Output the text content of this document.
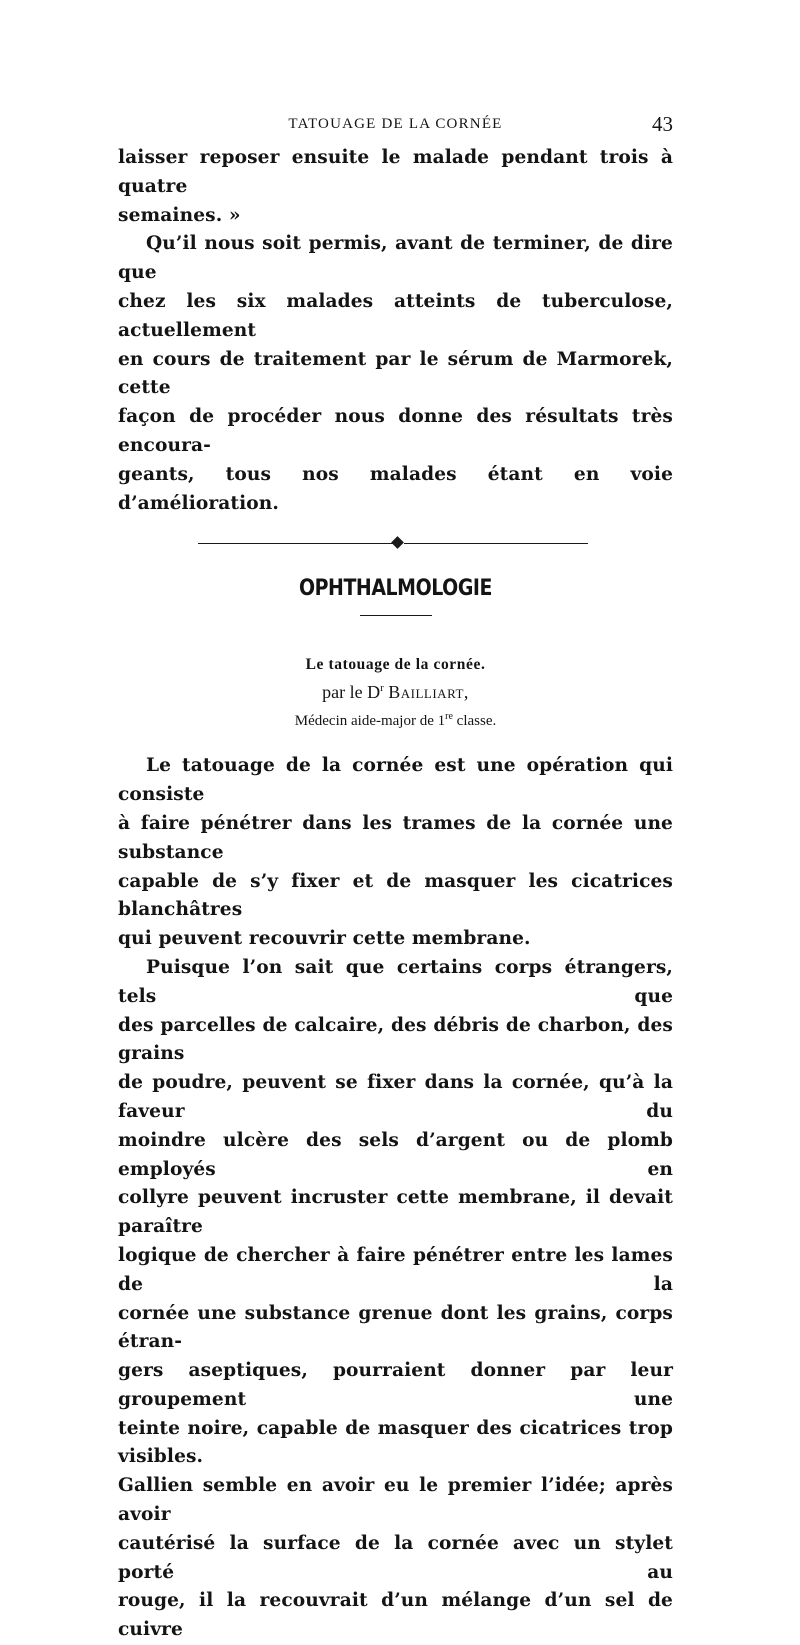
TATOUAGE DE LA CORNÉE	43

laisser reposer ensuite le malade pendant trois à quatre
semaines. »

Qu’il nous soit permis, avant de terminer, de dire que
chez les six malades atteints de tuberculose, actuellement
en cours de traitement par le sérum de Marmorek, cette
façon de procéder nous donne des résultats très encoura-
geants, tous nos malades étant en voie d’amélioration.

OPHTHALMOLOGIE
Le tatouage de la cornée.
par le $D^r$ Bailliart,
Médecin aide-major de 1re classe.

Le tatouage de la cornée est une opération qui consiste
à faire pénétrer dans les trames de la cornée une substance
capable de s’y fixer et de masquer les cicatrices blanchâtres
qui peuvent recouvrir cette membrane.

Puisque l’on sait que certains corps étrangers, tels que
des parcelles de calcaire, des débris de charbon, des grains
de poudre, peuvent se fixer dans la cornée, qu’à la faveur du
moindre ulcère des sels d’argent ou de plomb employés en
collyre peuvent incruster cette membrane, il devait paraître
logique de chercher à faire pénétrer entre les lames de la
cornée une substance grenue dont les grains, corps étran-
gers aseptiques, pourraient donner par leur groupement une
teinte noire, capable de masquer des cicatrices trop visibles.
Gallien semble en avoir eu le premier l’idée; après avoir
cautérisé la surface de la cornée avec un stylet porté au
rouge, il la recouvrait d’un mélange d’un sel de cuivre
